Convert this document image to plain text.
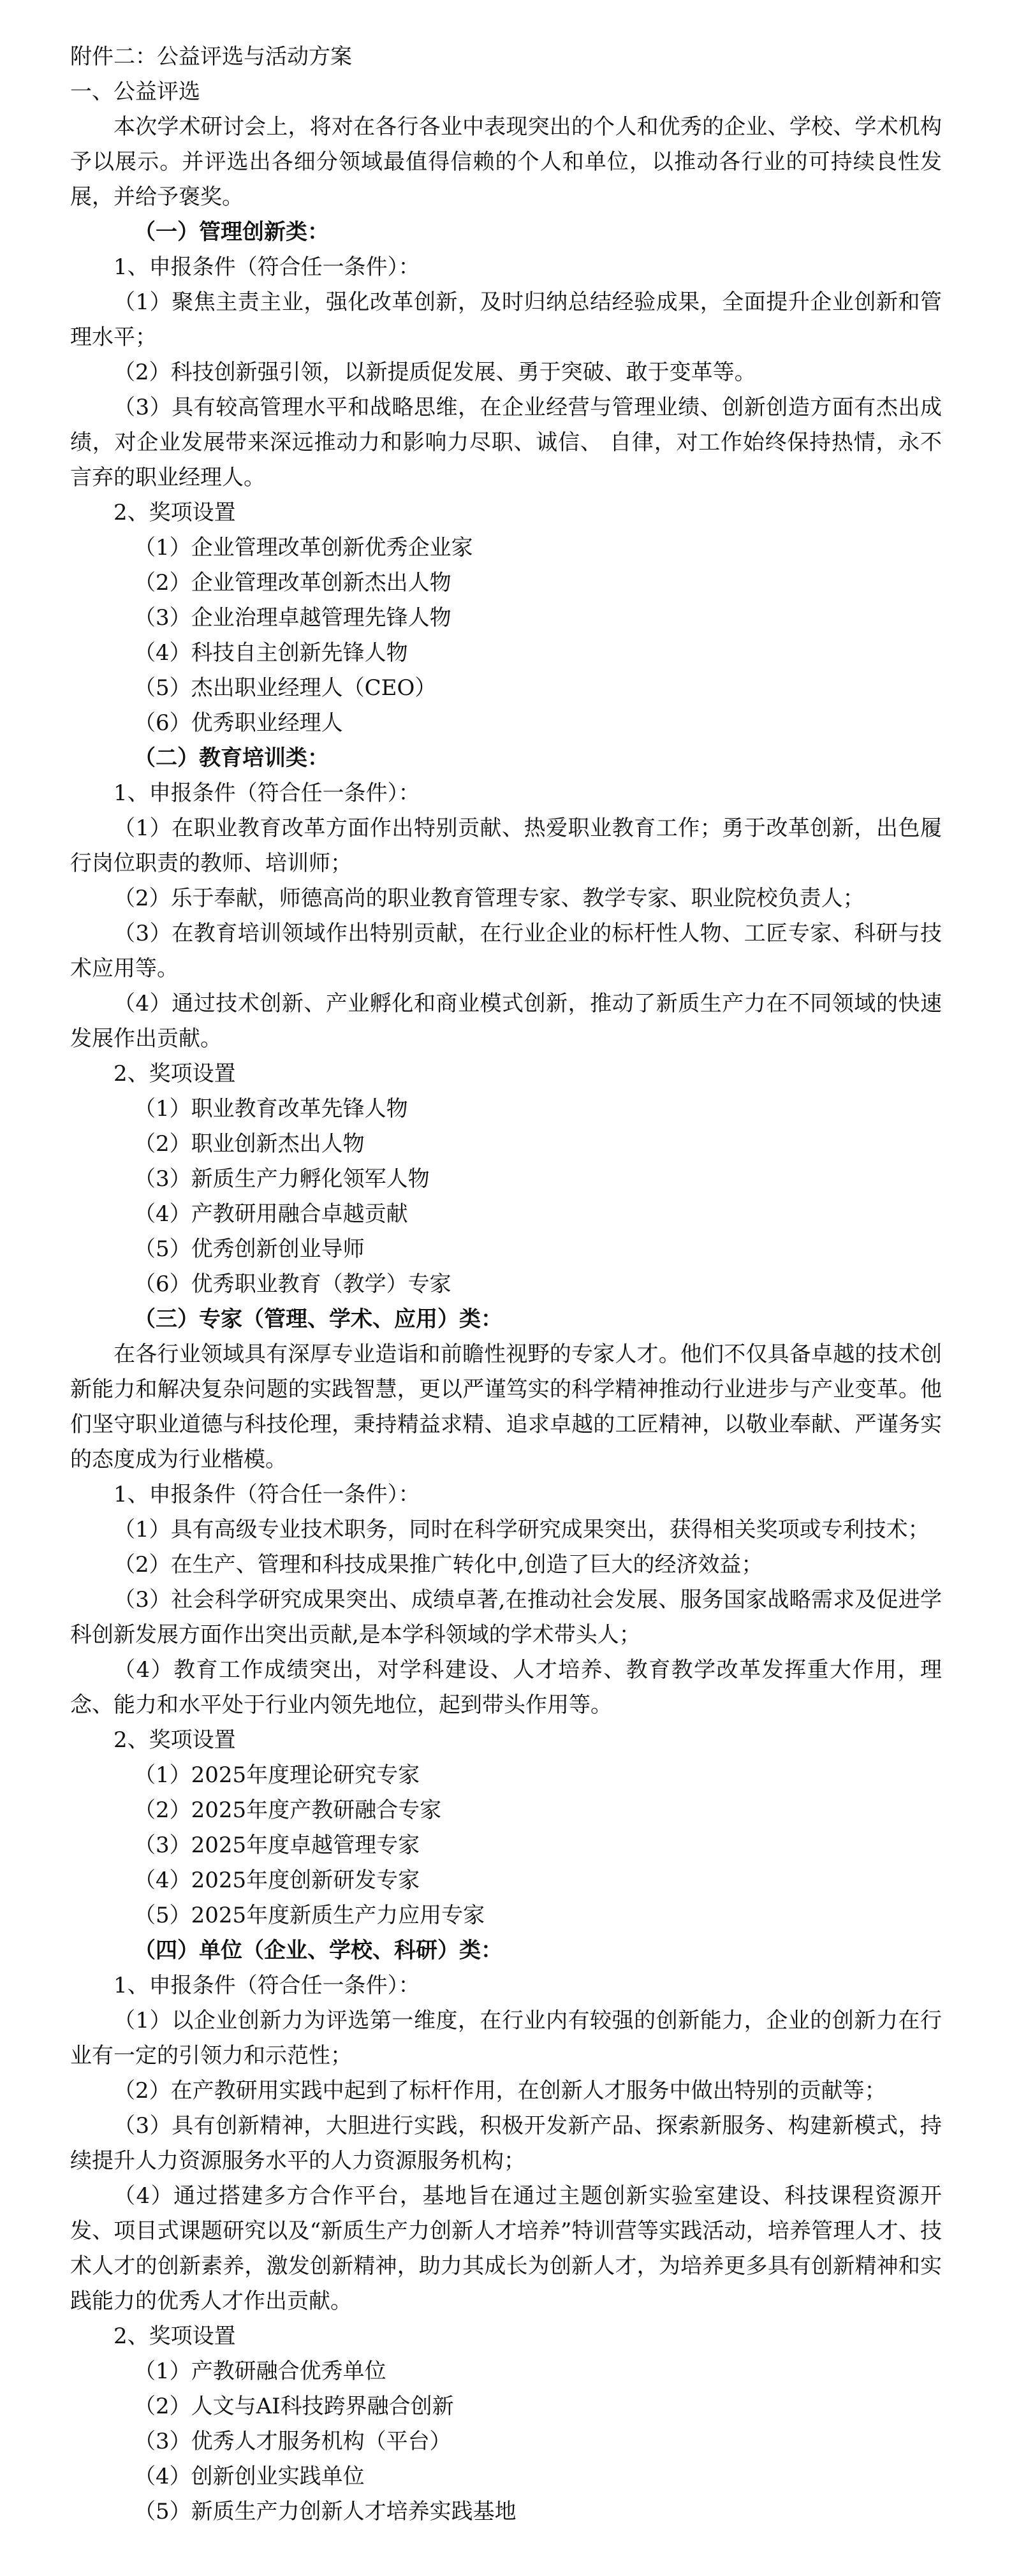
附件二：公益评选与活动方案

一、公益评选

本次学术研讨会上，将对在各行各业中表现突出的个人和优秀的企业、学校、学术机构予以展示。并评选出各细分领域最值得信赖的个人和单位，以推动各行业的可持续良性发展，并给予褒奖。

（一）管理创新类：

1、申报条件（符合任一条件）：

（1）聚焦主责主业，强化改革创新，及时归纳总结经验成果，全面提升企业创新和管理水平；

（2）科技创新强引领，以新提质促发展、勇于突破、敢于变革等。

（3）具有较高管理水平和战略思维，在企业经营与管理业绩、创新创造方面有杰出成绩，对企业发展带来深远推动力和影响力尽职、诚信、 自律，对工作始终保持热情，永不言弃的职业经理人。

2、奖项设置

（1）企业管理改革创新优秀企业家

（2）企业管理改革创新杰出人物

（3）企业治理卓越管理先锋人物

（4）科技自主创新先锋人物

（5）杰出职业经理人（CEO）

（6）优秀职业经理人

（二）教育培训类：

1、申报条件（符合任一条件）：

（1）在职业教育改革方面作出特别贡献、热爱职业教育工作；勇于改革创新，出色履行岗位职责的教师、培训师；

（2）乐于奉献，师德高尚的职业教育管理专家、教学专家、职业院校负责人；

（3）在教育培训领域作出特别贡献，在行业企业的标杆性人物、工匠专家、科研与技术应用等。

（4）通过技术创新、产业孵化和商业模式创新，推动了新质生产力在不同领域的快速发展作出贡献。

2、奖项设置

（1）职业教育改革先锋人物

（2）职业创新杰出人物

（3）新质生产力孵化领军人物

（4）产教研用融合卓越贡献

（5）优秀创新创业导师

（6）优秀职业教育（教学）专家

（三）专家（管理、学术、应用）类：

在各行业领域具有深厚专业造诣和前瞻性视野的专家人才。他们不仅具备卓越的技术创新能力和解决复杂问题的实践智慧，更以严谨笃实的科学精神推动行业进步与产业变革。他们坚守职业道德与科技伦理，秉持精益求精、追求卓越的工匠精神，以敬业奉献、严谨务实的态度成为行业楷模。

1、申报条件（符合任一条件）：

（1）具有高级专业技术职务，同时在科学研究成果突出，获得相关奖项或专利技术；

（2）在生产、管理和科技成果推广转化中,创造了巨大的经济效益；

（3）社会科学研究成果突出、成绩卓著,在推动社会发展、服务国家战略需求及促进学科创新发展方面作出突出贡献,是本学科领域的学术带头人；

（4）教育工作成绩突出，对学科建设、人才培养、教育教学改革发挥重大作用，理念、能力和水平处于行业内领先地位，起到带头作用等。

2、奖项设置

（1）2025年度理论研究专家

（2）2025年度产教研融合专家

（3）2025年度卓越管理专家

（4）2025年度创新研发专家

（5）2025年度新质生产力应用专家

（四）单位（企业、学校、科研）类：

1、申报条件（符合任一条件）：

（1）以企业创新力为评选第一维度，在行业内有较强的创新能力，企业的创新力在行业有一定的引领力和示范性；

（2）在产教研用实践中起到了标杆作用，在创新人才服务中做出特别的贡献等；

（3）具有创新精神，大胆进行实践，积极开发新产品、探索新服务、构建新模式，持续提升人力资源服务水平的人力资源服务机构；

（4）通过搭建多方合作平台，基地旨在通过主题创新实验室建设、科技课程资源开发、项目式课题研究以及“新质生产力创新人才培养”特训营等实践活动，培养管理人才、技术人才的创新素养，激发创新精神，助力其成长为创新人才，为培养更多具有创新精神和实践能力的优秀人才作出贡献。

2、奖项设置

（1）产教研融合优秀单位

（2）人文与AI科技跨界融合创新

（3）优秀人才服务机构（平台）

（4）创新创业实践单位

（5）新质生产力创新人才培养实践基地
